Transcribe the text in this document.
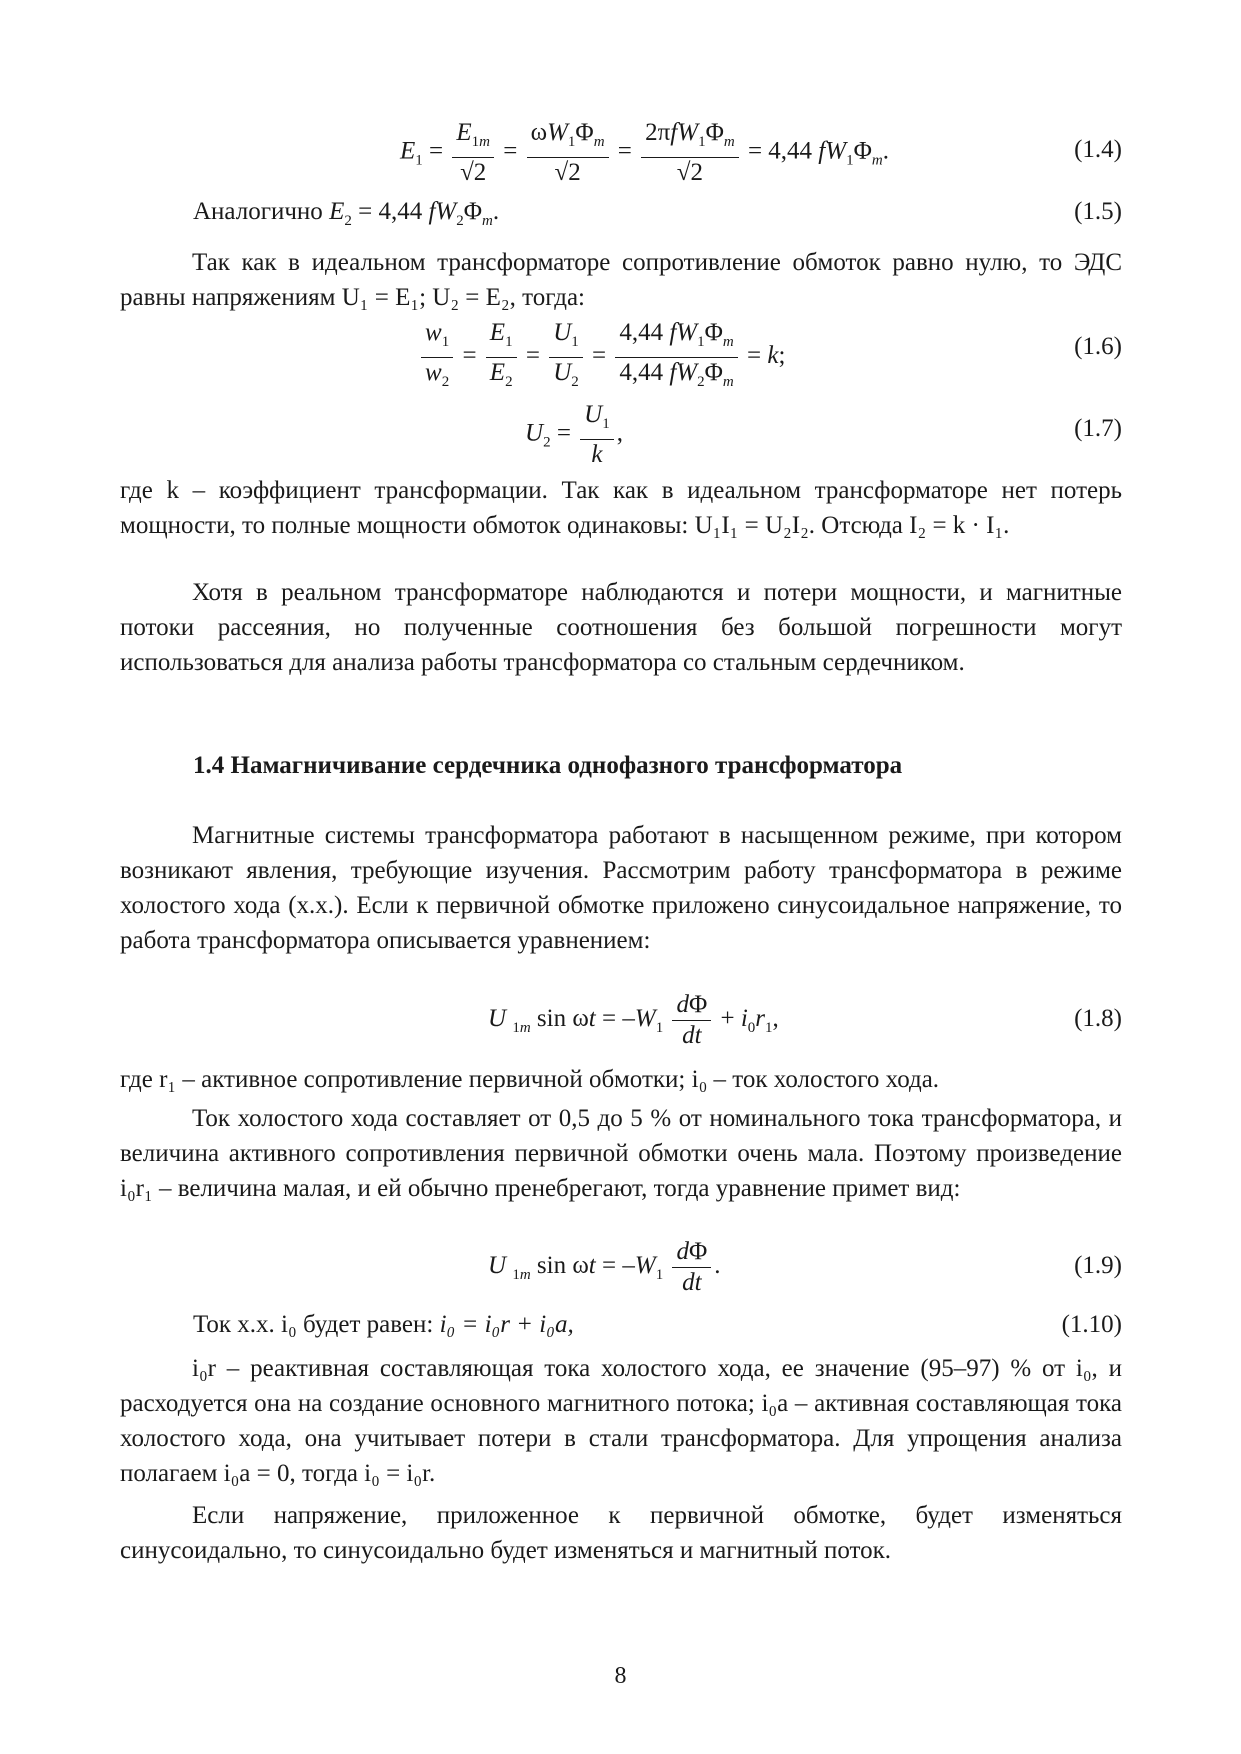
$E_1 = \frac{E_{1m}}{√2} = \frac{\omega W_1\Phi_m}{√2} = \frac{2\pi fW_1\Phi_m}{√2} = 4,44$ $fW_1\Phi_m$.	(1.4)
Аналогично $E_2 = 4,44$ $fW_2\Phi_m$.	(1.5)
Так как в идеальном трансформаторе сопротивление обмоток равно нулю, то ЭДС равны напряжениям U₁ = E₁; U₂ = E₂, тогда:
$\frac{w_1}{w_2} = \frac{E_1}{E_2} = \frac{U_1}{U_2} = \frac{4,44 fW_1\Phi_m}{4,44 fW_2\Phi_m} = k$;	(1.6)
$U_2 = \frac{U_1}{k}$ ,	(1.7)
где k – коэффициент трансформации. Так как в идеальном трансформаторе нет потерь мощности, то полные мощности обмоток одинаковы: U₁I₁ = U₂I₂. Отсюда I₂ = k · I₁.
Хотя в реальном трансформаторе наблюдаются и потери мощности, и магнитные потоки рассеяния, но полученные соотношения без большой погрешности могут использоваться для анализа работы трансформатора со стальным сердечником.
1.4 Намагничивание сердечника однофазного трансформатора
Магнитные системы трансформатора работают в насыщенном режиме, при котором возникают явления, требующие изучения. Рассмотрим работу трансформатора в режиме холостого хода (х.х.). Если к первичной обмотке приложено синусоидальное напряжение, то работа трансформатора описывается уравнением:
U $_{1m}$ $\sin \omega t = -W_1 \frac{d\Phi}{dt} + i_0r_1$,	(1.8)
где r₁ – активное сопротивление первичной обмотки; i₀ – ток холостого хода.
Ток холостого хода составляет от 0,5 до 5 % от номинального тока трансформатора, и величина активного сопротивления первичной обмотки очень мала. Поэтому произведение i₀r₁ – величина малая, и ей обычно пренебрегают, тогда уравнение примет вид:
U $_{1m}$ $\sin \omega t = -W_1 \frac{d\Phi}{dt}$ .	(1.9)
Ток х.х. i₀ будет равен: i₀ = i₀r + i₀a,	(1.10)
i₀r – реактивная составляющая тока холостого хода, ее значение (95–97) % от i₀, и расходуется она на создание основного магнитного потока; i₀a – активная составляющая тока холостого хода, она учитывает потери в стали трансформатора. Для упрощения анализа полагаем i₀a = 0, тогда i₀ = i₀r.
Если напряжение, приложенное к первичной обмотке, будет изменяться синусоидально, то синусоидально будет изменяться и магнитный поток.
8
